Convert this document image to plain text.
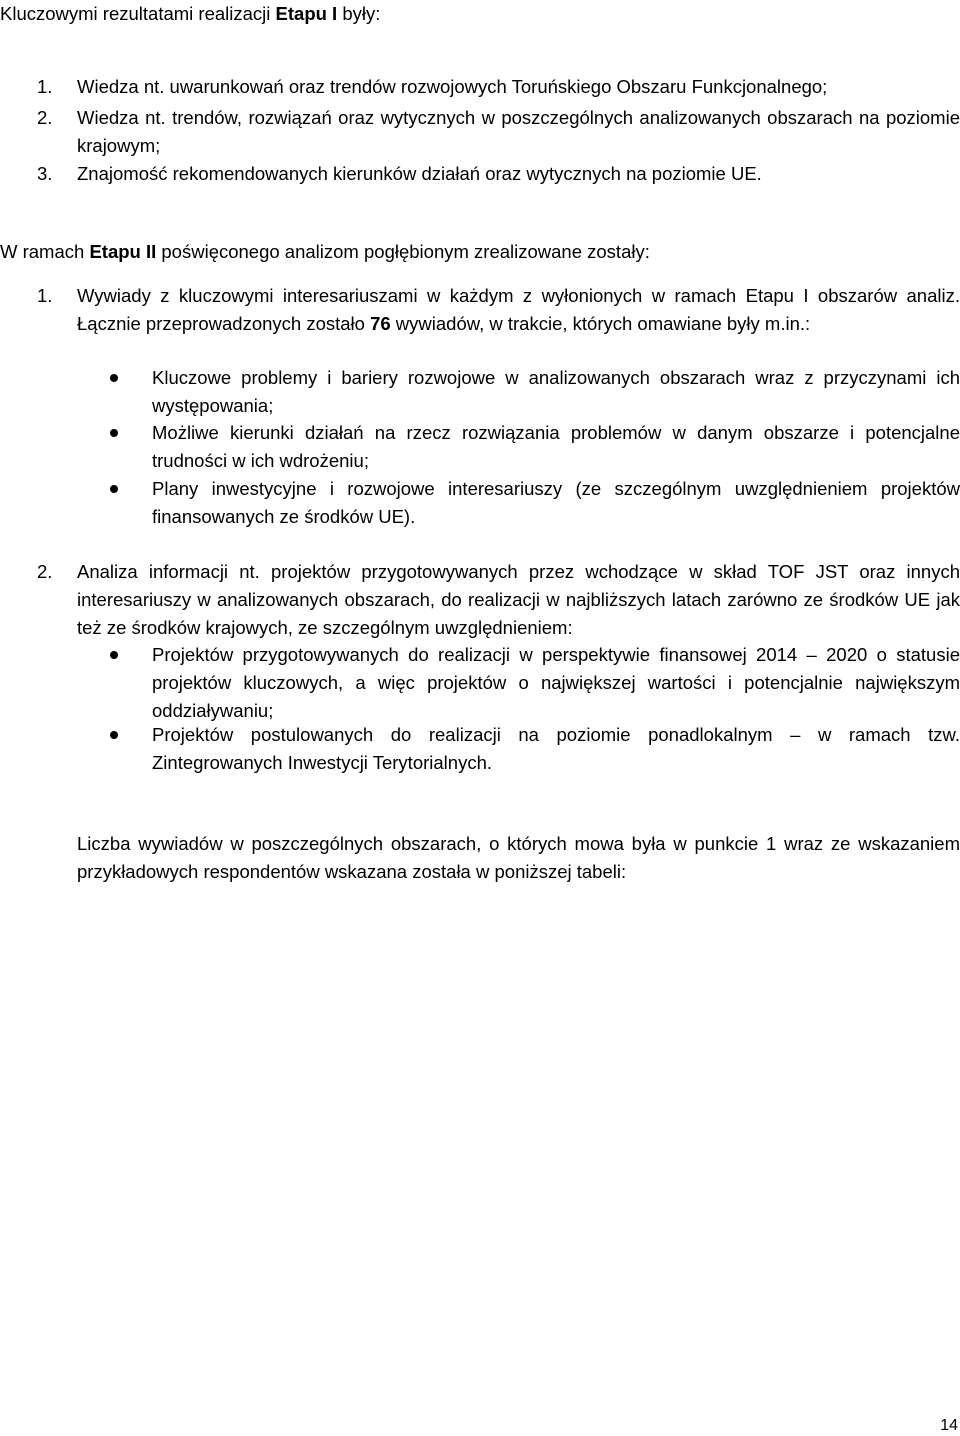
Kluczowymi rezultatami realizacji Etapu I były:

1. Wiedza nt. uwarunkowań oraz trendów rozwojowych Toruńskiego Obszaru Funkcjonalnego;

2. Wiedza nt. trendów, rozwiązań oraz wytycznych w poszczególnych analizowanych obszarach na poziomie krajowym;

3. Znajomość rekomendowanych kierunków działań oraz wytycznych na poziomie UE.

W ramach Etapu II poświęconego analizom pogłębionym zrealizowane zostały:

1. Wywiady z kluczowymi interesariuszami w każdym z wyłonionych w ramach Etapu I obszarów analiz. Łącznie przeprowadzonych zostało 76 wywiadów, w trakcie, których omawiane były m.in.:

Kluczowe problemy i bariery rozwojowe w analizowanych obszarach wraz z przyczynami ich występowania;

Możliwe kierunki działań na rzecz rozwiązania problemów w danym obszarze i potencjalne trudności w ich wdrożeniu;

Plany inwestycyjne i rozwojowe interesariuszy (ze szczególnym uwzględnieniem projektów finansowanych ze środków UE).

2. Analiza informacji nt. projektów przygotowywanych przez wchodzące w skład TOF JST oraz innych interesariuszy w analizowanych obszarach, do realizacji w najbliższych latach zarówno ze środków UE jak też ze środków krajowych, ze szczególnym uwzględnieniem:

Projektów przygotowywanych do realizacji w perspektywie finansowej 2014 – 2020 o statusie projektów kluczowych, a więc projektów o największej wartości i potencjalnie największym oddziaływaniu;

Projektów postulowanych do realizacji na poziomie ponadlokalnym – w ramach tzw. Zintegrowanych Inwestycji Terytorialnych.

Liczba wywiadów w poszczególnych obszarach, o których mowa była w punkcie 1 wraz ze wskazaniem przykładowych respondentów wskazana została w poniższej tabeli:

14
